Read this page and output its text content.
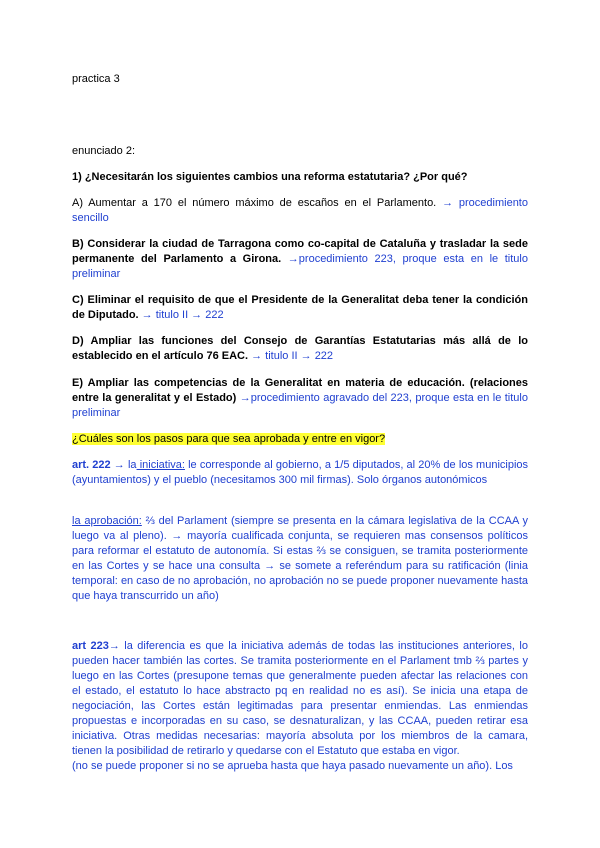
practica 3

enunciado 2:

1) ¿Necesitarán los siguientes cambios una reforma estatutaria? ¿Por qué?

A) Aumentar a 170 el número máximo de escaños en el Parlamento. → procedimiento sencillo

B) Considerar la ciudad de Tarragona como co-capital de Cataluña y trasladar la sede permanente del Parlamento a Girona. →procedimiento 223, proque esta en le titulo preliminar

C) Eliminar el requisito de que el Presidente de la Generalitat deba tener la condición de Diputado. → titulo II → 222

D) Ampliar las funciones del Consejo de Garantías Estatutarias más allá de lo establecido en el artículo 76 EAC. → titulo II → 222

E) Ampliar las competencias de la Generalitat en materia de educación. (relaciones entre la generalitat y el Estado) →procedimiento agravado del 223, proque esta en le titulo preliminar

¿Cuáles son los pasos para que sea aprobada y entre en vigor?

art. 222 → la iniciativa: le corresponde al gobierno, a 1/5 diputados, al 20% de los municipios (ayuntamientos) y el pueblo (necesitamos 300 mil firmas). Solo órganos autonómicos

la aprobación: ⅔ del Parlament (siempre se presenta en la cámara legislativa de la CCAA y luego va al pleno). → mayoría cualificada conjunta, se requieren mas consensos políticos para reformar el estatuto de autonomía. Si estas ⅔ se consiguen, se tramita posteriormente en las Cortes y se hace una consulta → se somete a referéndum para su ratificación (linia temporal: en caso de no aprobación, no aprobación no se puede proponer nuevamente hasta que haya transcurrido un año)

art 223→ la diferencia es que la iniciativa además de todas las instituciones anteriores, lo pueden hacer también las cortes. Se tramita posteriormente en el Parlament tmb ⅔ partes y luego en las Cortes (presupone temas que generalmente pueden afectar las relaciones con el estado, el estatuto lo hace abstracto pq en realidad no es así). Se inicia una etapa de negociación, las Cortes están legitimadas para presentar enmiendas. Las enmiendas propuestas e incorporadas en su caso, se desnaturalizan, y las CCAA, pueden retirar esa iniciativa. Otras medidas necesarias: mayoría absoluta por los miembros de la camara, tienen la posibilidad de retirarlo y quedarse con el Estatuto que estaba en vigor.
(no se puede proponer si no se aprueba hasta que haya pasado nuevamente un año). Los
